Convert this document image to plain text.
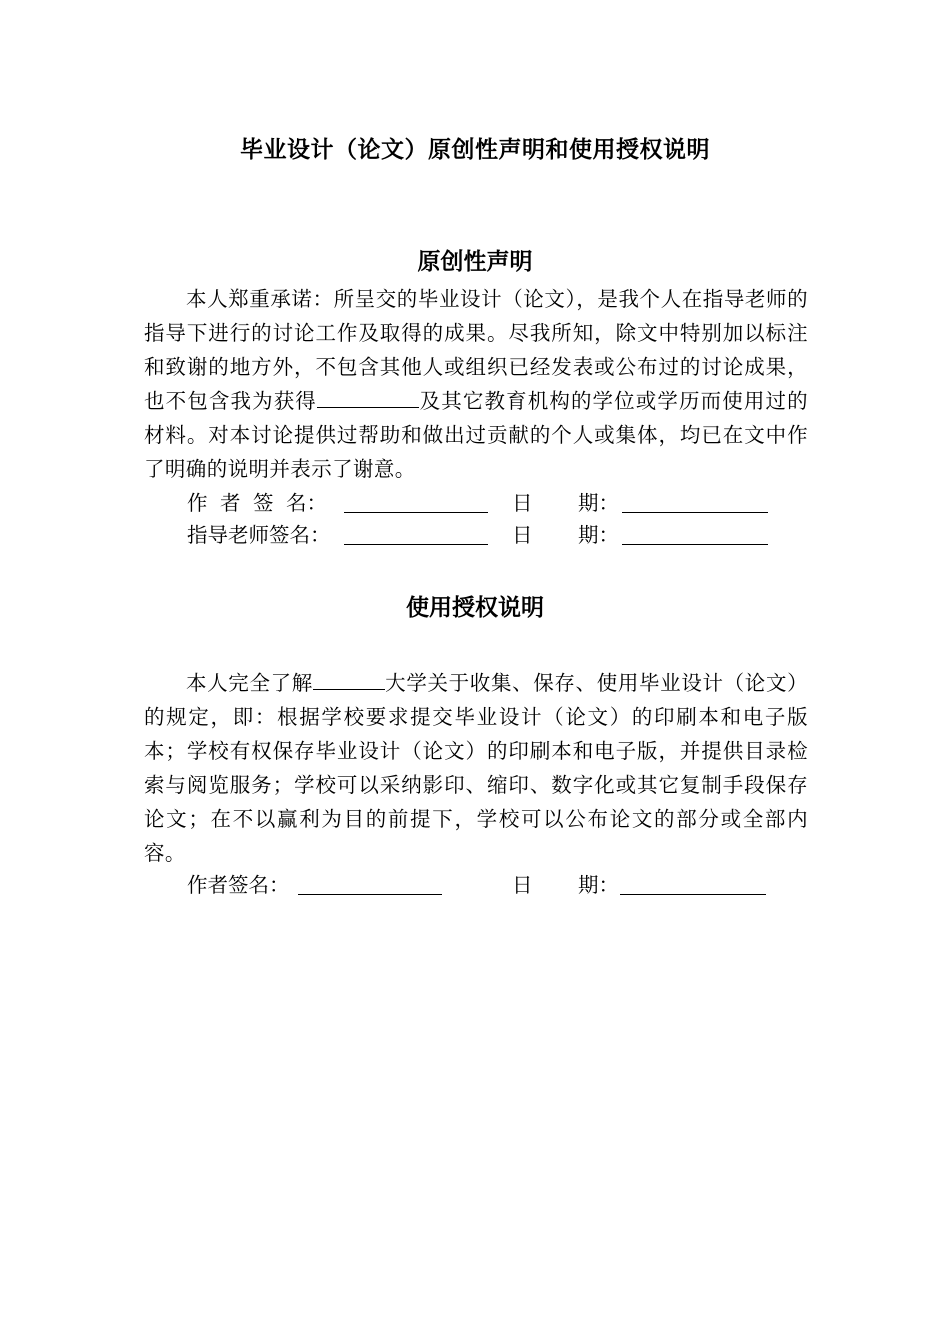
毕业设计（论文）原创性声明和使用授权说明
原创性声明
本人郑重承诺：所呈交的毕业设计（论文），是我个人在指导老师的指导下进行的讨论工作及取得的成果。尽我所知，除文中特别加以标注和致谢的地方外，不包含其他人或组织已经发表或公布过的讨论成果，也不包含我为获得	及其它教育机构的学位或学历而使用过的材料。对本讨论提供过帮助和做出过贡献的个人或集体，均已在文中作了明确的说明并表示了谢意。
作 者 签 名：	日 期：
指导老师签名：	日 期：
使用授权说明
本人完全了解	大学关于收集、保存、使用毕业设计（论文）的规定，即：根据学校要求提交毕业设计（论文）的印刷本和电子版本；学校有权保存毕业设计（论文）的印刷本和电子版，并提供目录检索与阅览服务；学校可以采纳影印、缩印、数字化或其它复制手段保存论文；在不以赢利为目的前提下，学校可以公布论文的部分或全部内容。
作者签名：	日 期：
